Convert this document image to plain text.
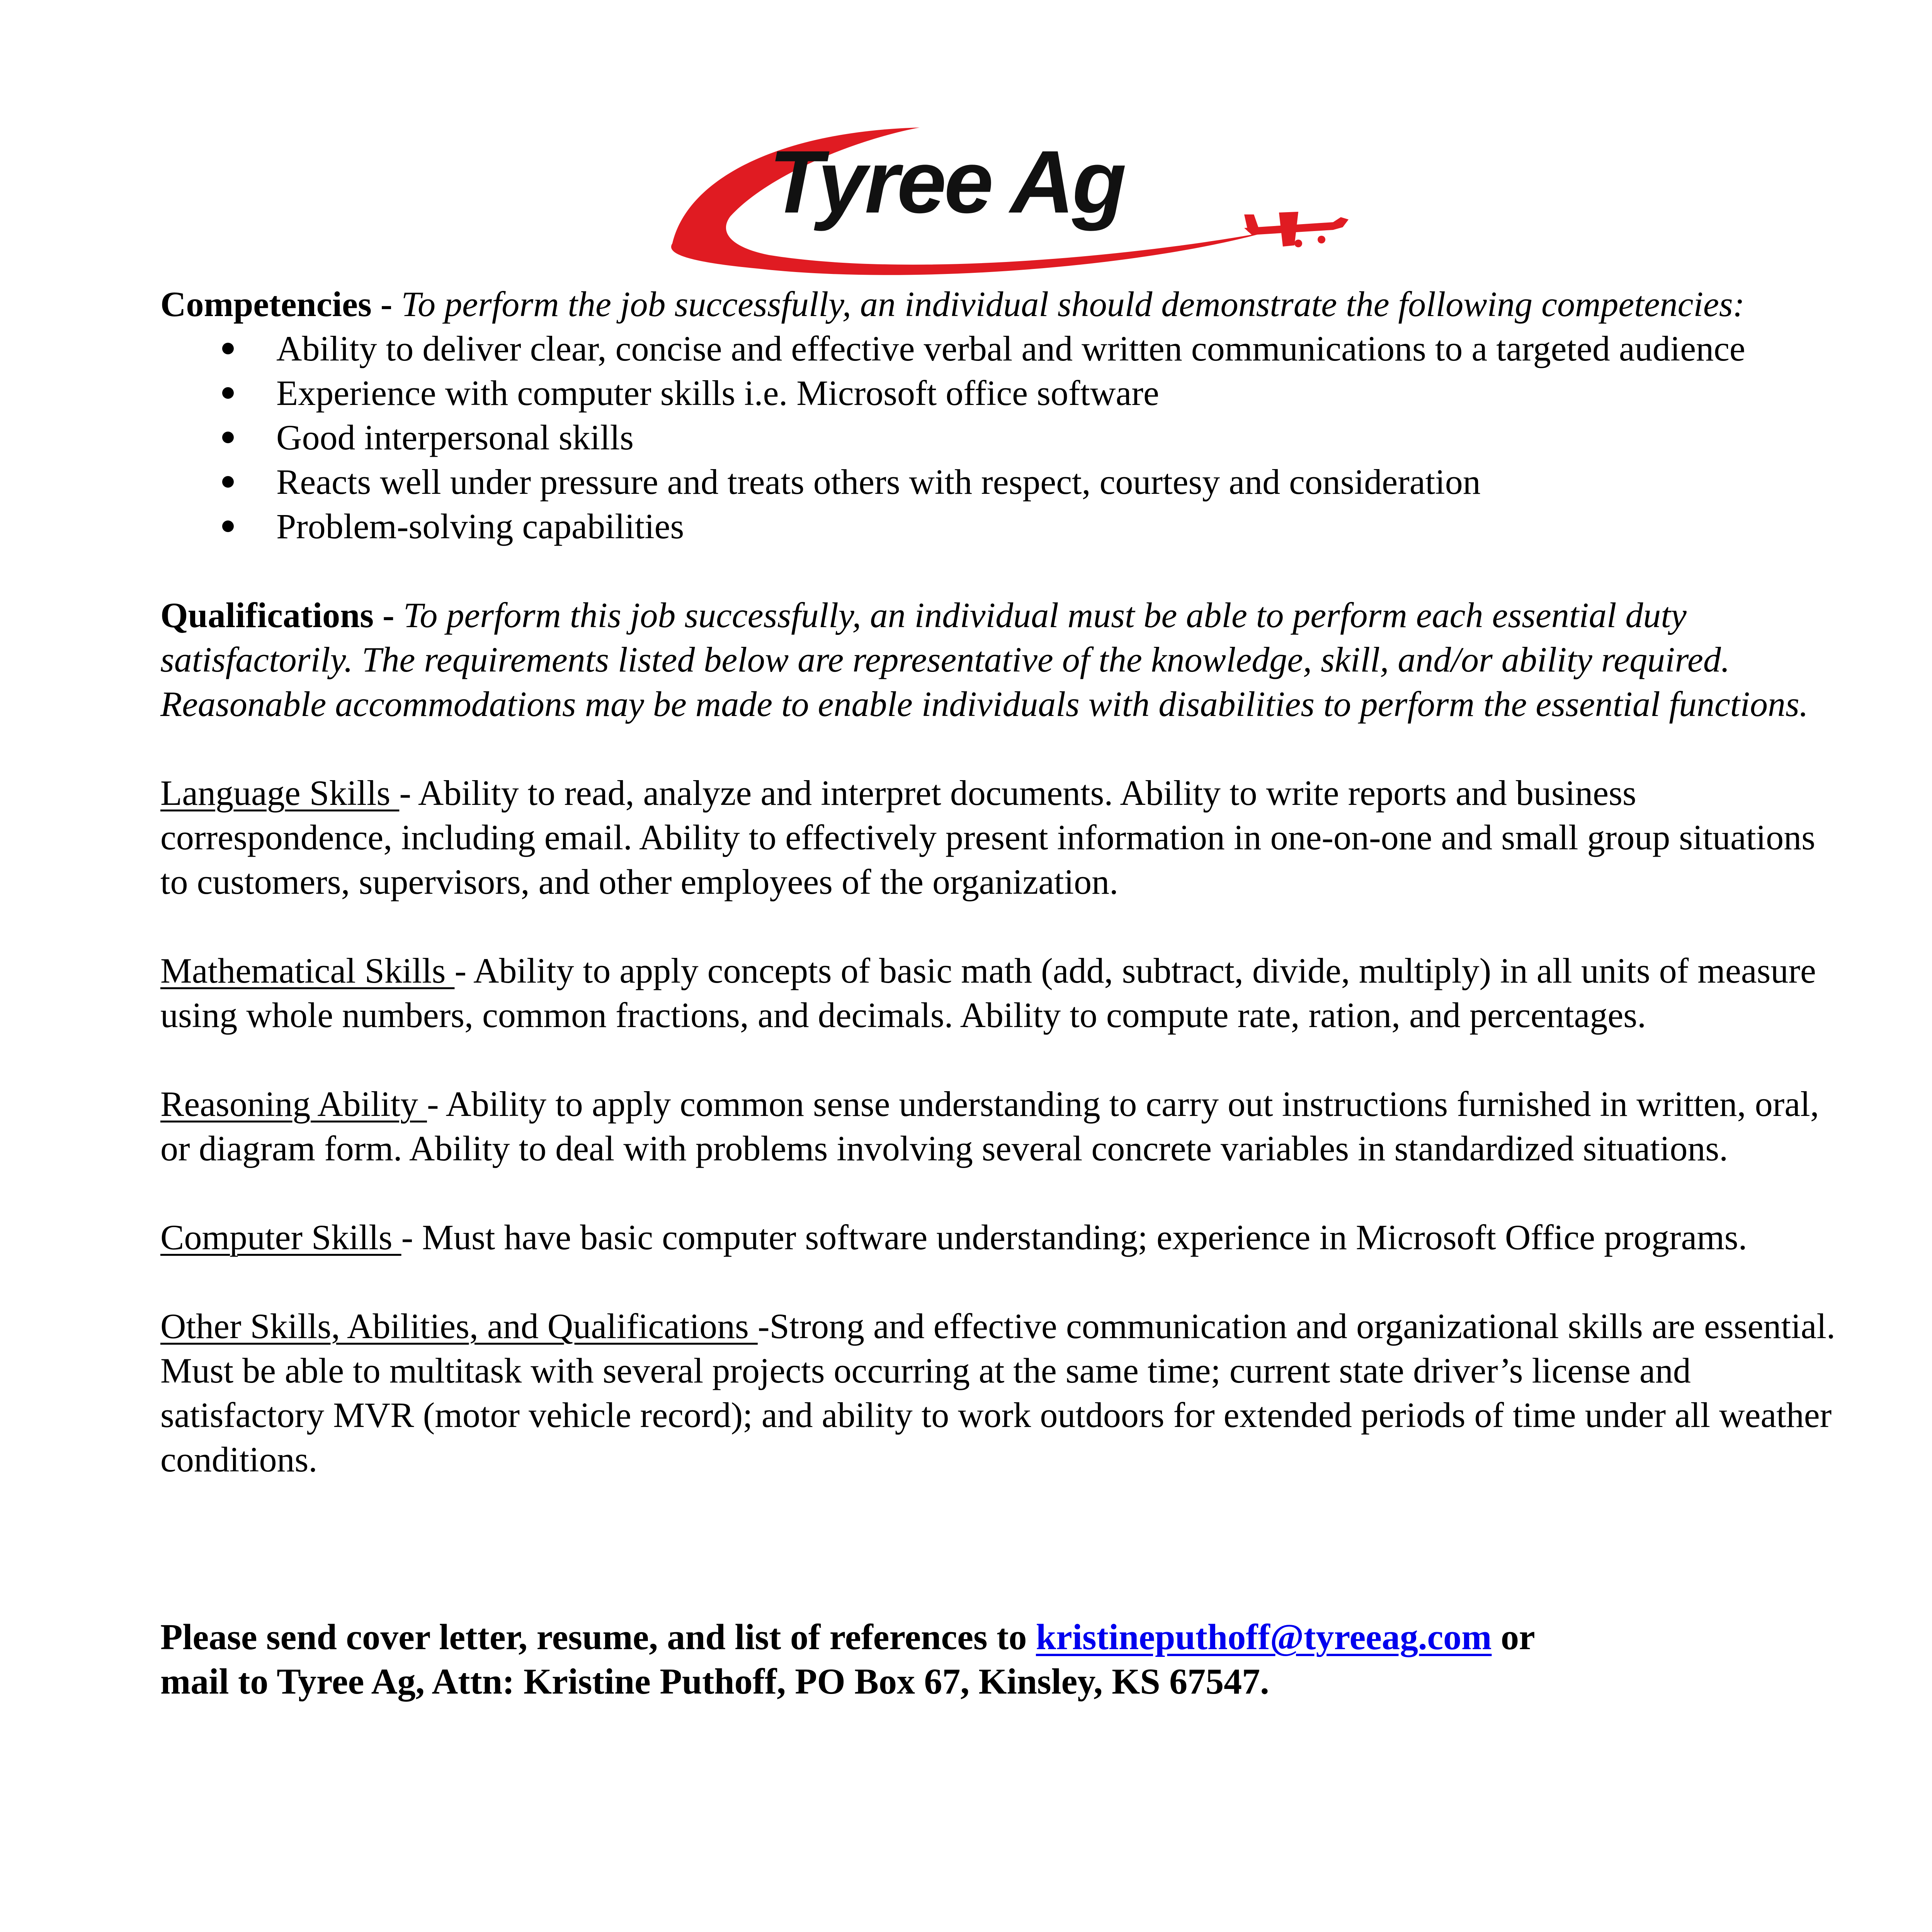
Tyree Ag

Competencies - To perform the job successfully, an individual should demonstrate the following competencies:

Ability to deliver clear, concise and effective verbal and written communications to a targeted audience
Experience with computer skills i.e. Microsoft office software
Good interpersonal skills
Reacts well under pressure and treats others with respect, courtesy and consideration
Problem-solving capabilities

Qualifications - To perform this job successfully, an individual must be able to perform each essential duty satisfactorily. The requirements listed below are representative of the knowledge, skill, and/or ability required. Reasonable accommodations may be made to enable individuals with disabilities to perform the essential functions.

Language Skills - Ability to read, analyze and interpret documents. Ability to write reports and business correspondence, including email. Ability to effectively present information in one-on-one and small group situations to customers, supervisors, and other employees of the organization.

Mathematical Skills - Ability to apply concepts of basic math (add, subtract, divide, multiply) in all units of measure using whole numbers, common fractions, and decimals. Ability to compute rate, ration, and percentages.

Reasoning Ability - Ability to apply common sense understanding to carry out instructions furnished in written, oral, or diagram form. Ability to deal with problems involving several concrete variables in standardized situations.

Computer Skills - Must have basic computer software understanding; experience in Microsoft Office programs.

Other Skills, Abilities, and Qualifications -Strong and effective communication and organizational skills are essential. Must be able to multitask with several projects occurring at the same time; current state driver’s license and satisfactory MVR (motor vehicle record); and ability to work outdoors for extended periods of time under all weather conditions.

Please send cover letter, resume, and list of references to kristineputhoff@tyreeag.com or
mail to Tyree Ag, Attn: Kristine Puthoff, PO Box 67, Kinsley, KS 67547.
